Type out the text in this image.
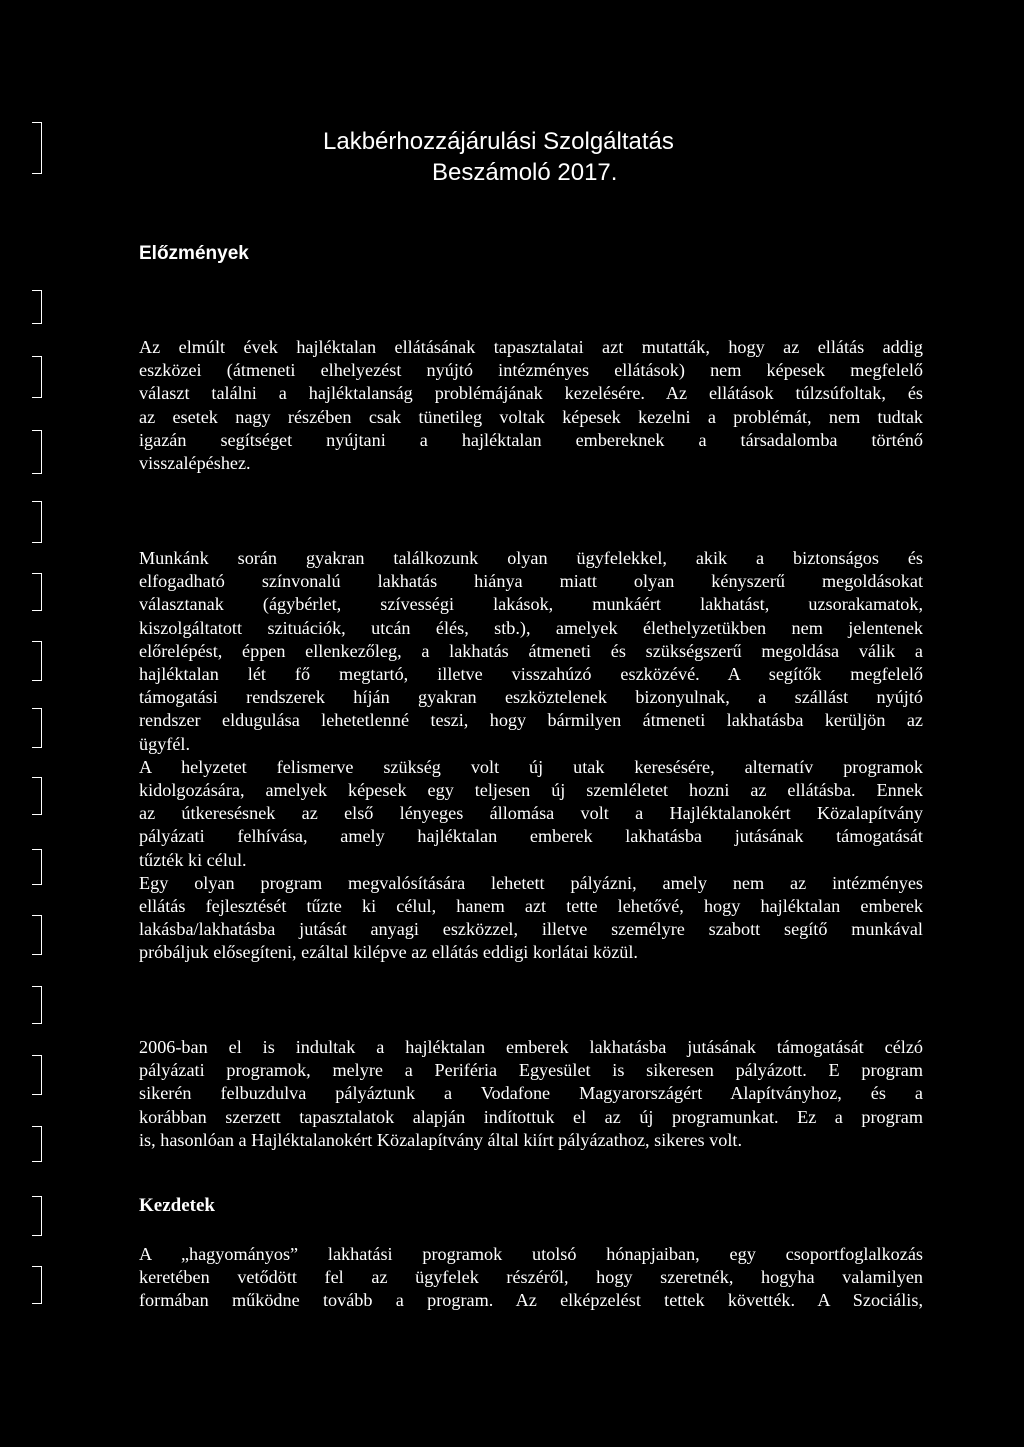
Lakbérhozzájárulási Szolgáltatás
Beszámoló 2017.
Előzmények
Az elmúlt évek hajléktalan ellátásának tapasztalatai azt mutatták, hogy az ellátás addig
eszközei (átmeneti elhelyezést nyújtó intézményes ellátások) nem képesek megfelelő
választ találni a hajléktalanság problémájának kezelésére. Az ellátások túlzsúfoltak, és
az esetek nagy részében csak tünetileg voltak képesek kezelni a problémát, nem tudtak
igazán segítséget nyújtani a hajléktalan embereknek a társadalomba történő
visszalépéshez.
Munkánk során gyakran találkozunk olyan ügyfelekkel, akik a biztonságos és
elfogadható színvonalú lakhatás hiánya miatt olyan kényszerű megoldásokat
választanak (ágybérlet, szívességi lakások, munkáért lakhatást, uzsorakamatok,
kiszolgáltatott szituációk, utcán élés, stb.), amelyek élethelyzetükben nem jelentenek
előrelépést, éppen ellenkezőleg, a lakhatás átmeneti és szükségszerű megoldása válik a
hajléktalan lét fő megtartó, illetve visszahúzó eszközévé. A segítők megfelelő
támogatási rendszerek híján gyakran eszköztelenek bizonyulnak, a szállást nyújtó
rendszer eldugulása lehetetlenné teszi, hogy bármilyen átmeneti lakhatásba kerüljön az
ügyfél.
A helyzetet felismerve szükség volt új utak keresésére, alternatív programok
kidolgozására, amelyek képesek egy teljesen új szemléletet hozni az ellátásba. Ennek
az útkeresésnek az első lényeges állomása volt a Hajléktalanokért Közalapítvány
pályázati felhívása, amely hajléktalan emberek lakhatásba jutásának támogatását
tűzték ki célul.
Egy olyan program megvalósítására lehetett pályázni, amely nem az intézményes
ellátás fejlesztését tűzte ki célul, hanem azt tette lehetővé, hogy hajléktalan emberek
lakásba/lakhatásba jutását anyagi eszközzel, illetve személyre szabott segítő munkával
próbáljuk elősegíteni, ezáltal kilépve az ellátás eddigi korlátai közül.
2006-ban el is indultak a hajléktalan emberek lakhatásba jutásának támogatását célzó
pályázati programok, melyre a Periféria Egyesület is sikeresen pályázott. E program
sikerén felbuzdulva pályáztunk a Vodafone Magyarországért Alapítványhoz, és a
korábban szerzett tapasztalatok alapján indítottuk el az új programunkat. Ez a program
is, hasonlóan a Hajléktalanokért Közalapítvány által kiírt pályázathoz, sikeres volt.
Kezdetek
A „hagyományos” lakhatási programok utolsó hónapjaiban, egy csoportfoglalkozás
keretében vetődött fel az ügyfelek részéről, hogy szeretnék, hogyha valamilyen
formában működne tovább a program. Az elképzelést tettek követték. A Szociális,
